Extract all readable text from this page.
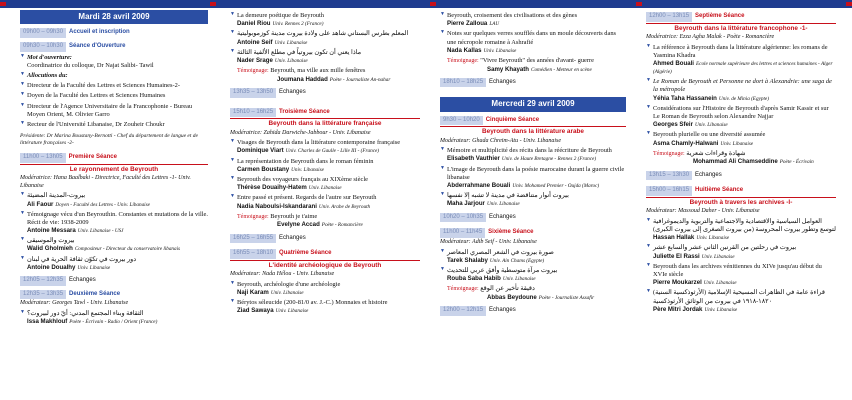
Mardi 28 avril 2009
09h00 – 09h30	Accueil et inscription
09h30 – 10h30	Séance d'Ouverture
▼ Mot d'ouverture:
Coordinatrice du colloque, Dr Najat Salibi- Tawil
▼ Allocutions du:
▼ Directeur de la Faculté des Lettres et Sciences Humaines-2-
▼ Doyen de la Faculté des Lettres et Sciences Humaines
▼ Directeur de l'Agence Universitaire de la Francophonie - Bureau Moyen Orient, M. Olivier Garro
▼ Recteur de l'Université Libanaise, Dr Zouheir Choukr
Présidente: Dr Marina Boustany-Bernotti - Chef du département de langue et de littérature françaises -2-
11h00 – 13h05	Première Séance
Le rayonnement de Beyrouth
Modératrice: Hana Baalbaki - Directrice, Faculté des Lettres -1- Univ. Libanaise
▼ بيروت-المدينة المضيئة
Ali Faour Doyen - Faculté des Lettres - Univ. Libanaise
▼ Témoignage vécu d'un Beyrouthin. Constantes et mutations de la ville. Récit de vie: 1938-2009
Antoine Messara Univ. Libanaise - USJ
▼ بيروت والموسيقى
Walid Gholmieh Compositeur - Directeur du conservatoire libanais
▼ دور بيروت في تكوّن ثقافة الحرية في لبنان
Antoine Doualhy Univ. Libanaise
12h05 – 12h35	Echanges
12h35 – 13h35	Deuxième Séance
Modérateur: Georges Tawl - Univ. Libanaise
▼ الثقافة وبناء المجتمع المدني: أيّ دور لبيروت؟
Issa Makhlouf Poète - Écrivain - Radio / Orient (France)
▼ La demeure poétique de Beyrouth
Daniel Riou Univ. Rennes 2 (France)
▼ المعلم بطرس البستاني شاهد على ولادة بيروت مدينة كوزموبوليتية
Antoine Seif Univ. Libanaise
▼ ماذا يعني أن تكون بيروتياً في مطلع الألفية الثالثة
Nader Srage Univ. Libanaise
Témoignage: Beyrouth, ma ville aux mille fenêtres
Joumana Haddad Poète - Journaliste An-nahar
13h35 – 13h50	Echanges
15h10 – 16h25	Troisième Séance
Beyrouth dans la littérature française
Modératrice: Zahida Darwiche-Jabbour - Univ. Libanaise
▼ Visages de Beyrouth dans la littérature contemporaine française
Dominique Viart Univ. Charles de Gaulle - Lille III - (France)
▼ La représentation de Beyrouth dans le roman féminin
Carmen Boustany Univ. Libanaise
▼ Beyrouth des voyageurs français au XIXème siècle
Thérèse Douaihy-Hatem Univ. Libanaise
▼ Entre passé et présent. Regards de l'autre sur Beyrouth
Nadia Naboulsi-Iskandarani Univ. Arabe de Beyrouth
Témoignage: Beyrouth je t'aime
Evelyne Accad Poète - Romancière
16h25 – 16h55	Echanges
16h55 – 18h10	Quatrième Séance
L'identité archéologique de Beyrouth
Modérateur: Nada Hélou - Univ. Libanaise
▼ Beyrouth, archéologie d'une archéologie
Naji Karam Univ. Libanaise
▼ Bérytos séleucide (200-81/0 av. J.-C.) Monnaies et histoire
Ziad Sawaya Univ. Libanaise
▼ Beyrouth, croisement des civilisations et des gènes
Pierre Zalloua LAU
▼ Notes sur quelques verres soufflés dans un moule découverts dans une nécropole romaine à Ashrafié
Nada Kallas Univ. Libanaise
Témoignage: "Vivre Beyrouth" des années d'avant- guerre
Samy Khayath Comédien - Metteur en scène
18h10 – 18h25	Echanges
Mercredi 29 avril 2009
9h30 – 10h20	Cinquième Séance
Beyrouth dans la littérature arabe
Modérateur: Ghada Chreim-Atu - Univ. Libanaise
▼ Mémoire et multiplicité des récits dans la réécriture de Beyrouth
Elisabeth Vauthier Univ. de Haute Bretagne - Rennes 2 (France)
▼ L'image de Beyrouth dans la poésie marocaine durant la guerre civile libanaise
Abderrahmane Bouali Univ. Mohamed Premier - Oujda (Maroc)
▼ بيروت أنوار متناقضة في مدينة لا تشبه إلا نفسها
Maha Jarjour Univ. Libanaise
10h20 – 10h35	Echanges
11h00 – 11h45	Sixième Séance
Modérateur: Adib Seif - Univ. Libanaise
▼ صورة بيروت في الشعر المصري المعاصر
Tarek Shalaby Univ. Ain Chams (Egypte)
▼ بيروت مرآة متوسطية وأفق عربي للتحديث
Rouba Saba Habib Univ. Libanaise
Témoignage: دقيقة تأخير عن الوقع
Abbas Beydoune Poète - Journaliste Assafir
12h00 – 12h15	Echanges
12h00 – 13h15	Septième Séance
Beyrouth dans la littérature francophone -1-
Modératrice: Ezza Agha Malak - Poète - Romancière
▼ La référence à Beyrouth dans la littérature algérienne: les romans de Yasmina Khadra
Ahmed Bouali Ecole normale supérieure des lettres et sciences humaines - Alger (Algérie)
▼ Le Roman de Beyrouth et Personne ne dort à Alexandrie: une saga de la métropole
Yéhia Taha Hassanein Univ. de Minia (Egypte)
▼ Considérations sur l'Histoire de Beyrouth d'après Samir Kassir et sur Le Roman de Beyrouth selon Alexandre Najjar
Georges Sfeir Univ. Libanaise
▼ Beyrouth plurielle ou une diversité assumée
Asma Chamly-Halwani Univ. Libanaise
Témoignage: شهادة وقراءات شعرية
Mohammad Ali Chamseddine Poète - Écrivain
13h15 – 13h30	Echanges
15h00 – 16h15	Huitième Séance
Beyrouth à travers les archives -I-
Modérateur: Massoud Daher - Univ. Libanaise
▼ العوامل السياسية والاقتصادية والاجتماعية والتربوية والديموغرافية لتوسع وتطور بيروت المحروسة (من بيروت الصغرى إلى بيروت الكبرى)
Hassan Hallak Univ. Libanaise
▼ بيروت في رحلتين من القرنين الثاني عشر والسابع عشر
Juliette El Rassi Univ. Libanaise
▼ Beyrouth dans les archives vénitiennes du XIVe jusqu'au début du XVIe siècle
Pierre Moukarzel Univ. Libanaise
▼ قراءة عامة في الظاهرات المسيحية الإسلامية (الأرثوذكسية السنية) ١٨٢٠-١٩١٨ في بيروت من الوثائق الأرثوذكسية
Père Mitri Jordak Univ. Libanaise
